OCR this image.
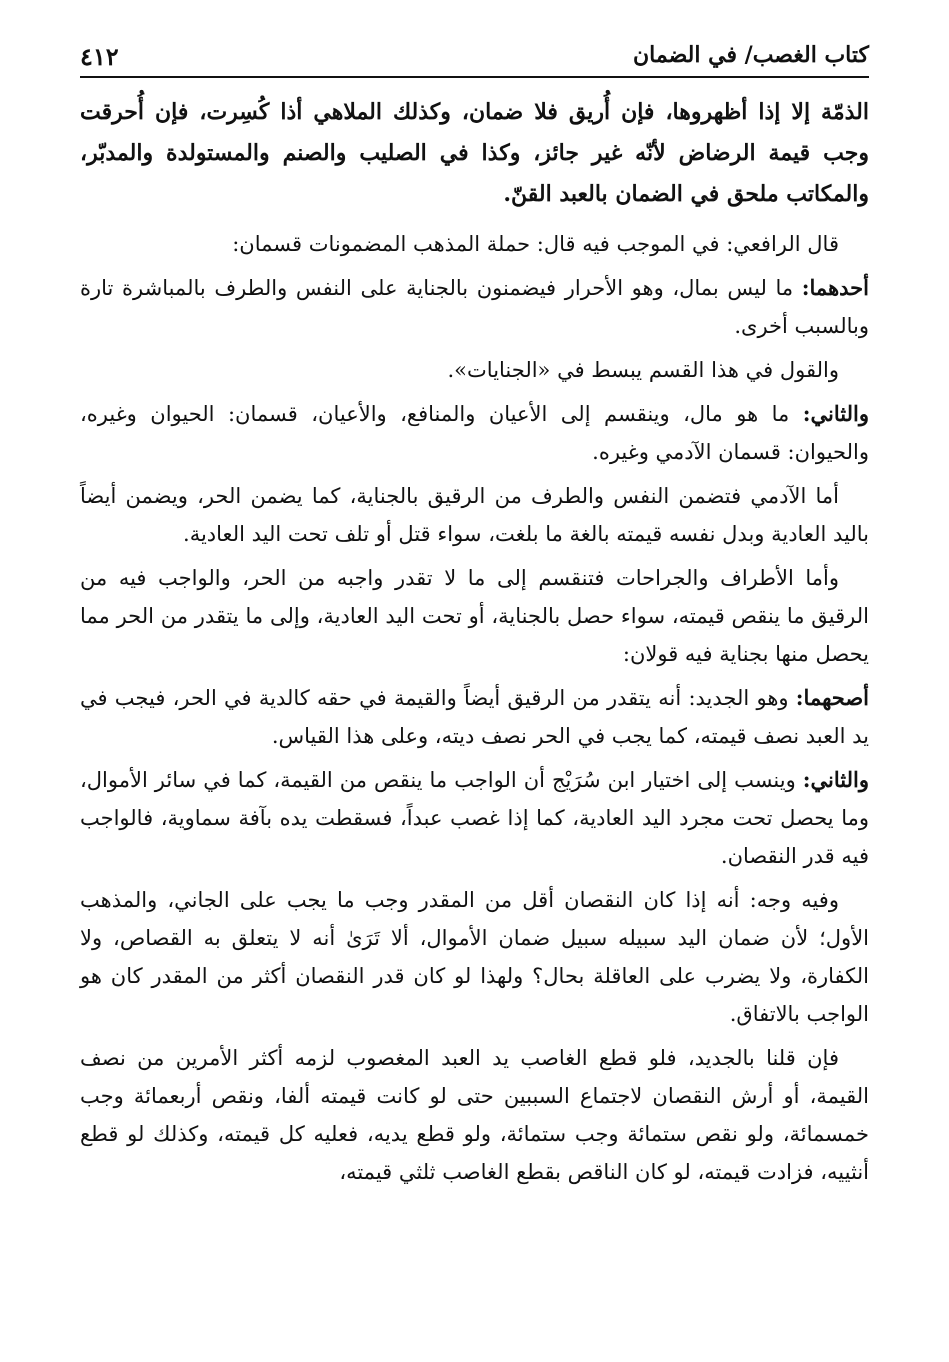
كتاب الغصب/ في الضمان
٤١٢

الذمّة إلا إذا أظهروها، فإن أُريق فلا ضمان، وكذلك الملاهي أذا كُسِرت، فإن أُحرقت وجب قيمة الرضاض لأنّه غير جائز، وكذا في الصليب والصنم والمستولدة والمدبّر، والمكاتب ملحق في الضمان بالعبد القنّ.

قال الرافعي: في الموجب فيه قال: حملة المذهب المضمونات قسمان:

أحدهما: ما ليس بمال، وهو الأحرار فيضمنون بالجناية على النفس والطرف بالمباشرة تارة وبالسبب أخرى.

والقول في هذا القسم يبسط في «الجنايات».

والثاني: ما هو مال، وينقسم إلى الأعيان والمنافع، والأعيان، قسمان: الحيوان وغيره، والحيوان: قسمان الآدمي وغيره.

أما الآدمي فتضمن النفس والطرف من الرقيق بالجناية، كما يضمن الحر، ويضمن أيضاً باليد العادية وبدل نفسه قيمته بالغة ما بلغت، سواء قتل أو تلف تحت اليد العادية.

وأما الأطراف والجراحات فتنقسم إلى ما لا تقدر واجبه من الحر، والواجب فيه من الرقيق ما ينقص قيمته، سواء حصل بالجناية، أو تحت اليد العادية، وإلى ما يتقدر من الحر مما يحصل منها بجناية فيه قولان:

أصحهما: وهو الجديد: أنه يتقدر من الرقيق أيضاً والقيمة في حقه كالدية في الحر، فيجب في يد العبد نصف قيمته، كما يجب في الحر نصف ديته، وعلى هذا القياس.

والثاني: وينسب إلى اختيار ابن سُرَيْج أن الواجب ما ينقص من القيمة، كما في سائر الأموال، وما يحصل تحت مجرد اليد العادية، كما إذا غصب عبداً، فسقطت يده بآفة سماوية، فالواجب فيه قدر النقصان.

وفيه وجه: أنه إذا كان النقصان أقل من المقدر وجب ما يجب على الجاني، والمذهب الأول؛ لأن ضمان اليد سبيله سبيل ضمان الأموال، ألا تَرَىٰ أنه لا يتعلق به القصاص، ولا الكفارة، ولا يضرب على العاقلة بحال؟ ولهذا لو كان قدر النقصان أكثر من المقدر كان هو الواجب بالاتفاق.

فإن قلنا بالجديد، فلو قطع الغاصب يد العبد المغصوب لزمه أكثر الأمرين من نصف القيمة، أو أرش النقصان لاجتماع السببين حتى لو كانت قيمته ألفا، ونقص أربعمائة وجب خمسمائة، ولو نقص ستمائة وجب ستمائة، ولو قطع يديه، فعليه كل قيمته، وكذلك لو قطع أنثييه، فزادت قيمته، لو كان الناقص بقطع الغاصب ثلثي قيمته،
